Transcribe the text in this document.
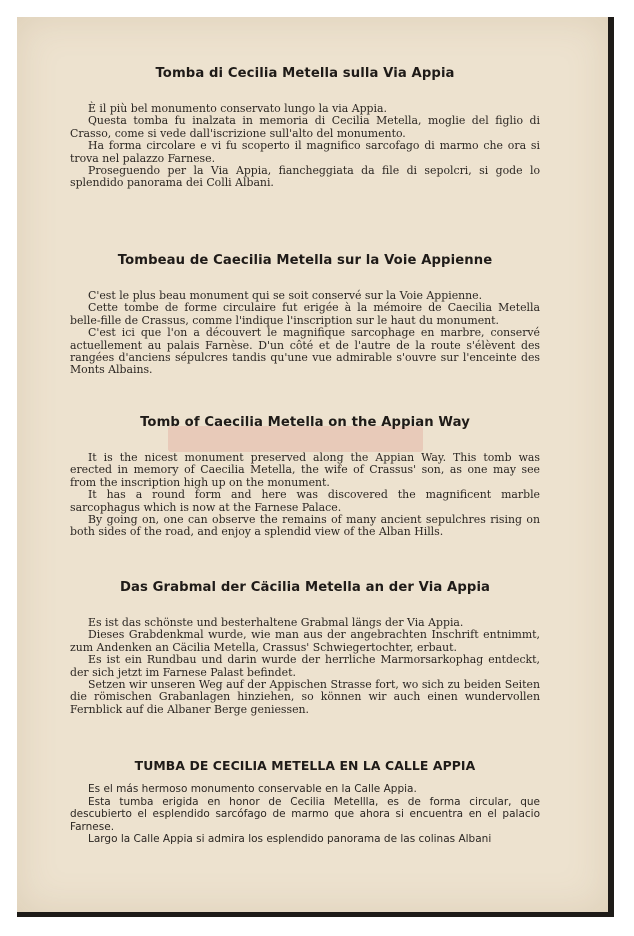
Tomba di Cecilia Metella sulla Via Appia

È il più bel monumento conservato lungo la via Appia.

Questa tomba fu inalzata in memoria di Cecilia Metella, moglie del figlio di Crasso, come si vede dall'iscrizione sull'alto del monumento.

Ha forma circolare e vi fu scoperto il magnifico sarcofago di marmo che ora si trova nel palazzo Farnese.

Proseguendo per la Via Appia, fiancheggiata da file di sepolcri, si gode lo splendido panorama dei Colli Albani.

Tombeau de Caecilia Metella sur la Voie Appienne

C'est le plus beau monument qui se soit conservé sur la Voie Appienne.

Cette tombe de forme circulaire fut erigée à la mémoire de Caecilia Metella belle-fille de Crassus, comme l'indique l'inscription sur le haut du monument.

C'est ici que l'on a découvert le magnifique sarcophage en marbre, conservé actuellement au palais Farnèse. D'un côté et de l'autre de la route s'élèvent des rangées d'anciens sépulcres tandis qu'une vue admirable s'ouvre sur l'enceinte des Monts Albains.

Tomb of Caecilia Metella on the Appian Way

It is the nicest monument preserved along the Appian Way. This tomb was erected in memory of Caecilia Metella, the wife of Crassus' son, as one may see from the inscription high up on the monument.

It has a round form and here was discovered the magnificent marble sarcophagus which is now at the Farnese Palace.

By going on, one can observe the remains of many ancient sepulchres rising on both sides of the road, and enjoy a splendid view of the Alban Hills.

Das Grabmal der Cäcilia Metella an der Via Appia

Es ist das schönste und besterhaltene Grabmal längs der Via Appia.

Dieses Grabdenkmal wurde, wie man aus der angebrachten Inschrift entnimmt, zum Andenken an Cäcilia Metella, Crassus' Schwiegertochter, erbaut.

Es ist ein Rundbau und darin wurde der herrliche Marmorsarkophag entdeckt, der sich jetzt im Farnese Palast befindet.

Setzen wir unseren Weg auf der Appischen Strasse fort, wo sich zu beiden Seiten die römischen Grabanlagen hinziehen, so können wir auch einen wundervollen Fernblick auf die Albaner Berge geniessen.

TUMBA DE CECILIA METELLA EN LA CALLE APPIA

Es el más hermoso monumento conservable en la Calle Appia.

Esta tumba erigida en honor de Cecilia Metellla, es de forma circular, que descubierto el esplendido sarcófago de marmo que ahora si encuentra en el palacio Farnese.

Largo la Calle Appia si admira los esplendido panorama de las colinas Albani
